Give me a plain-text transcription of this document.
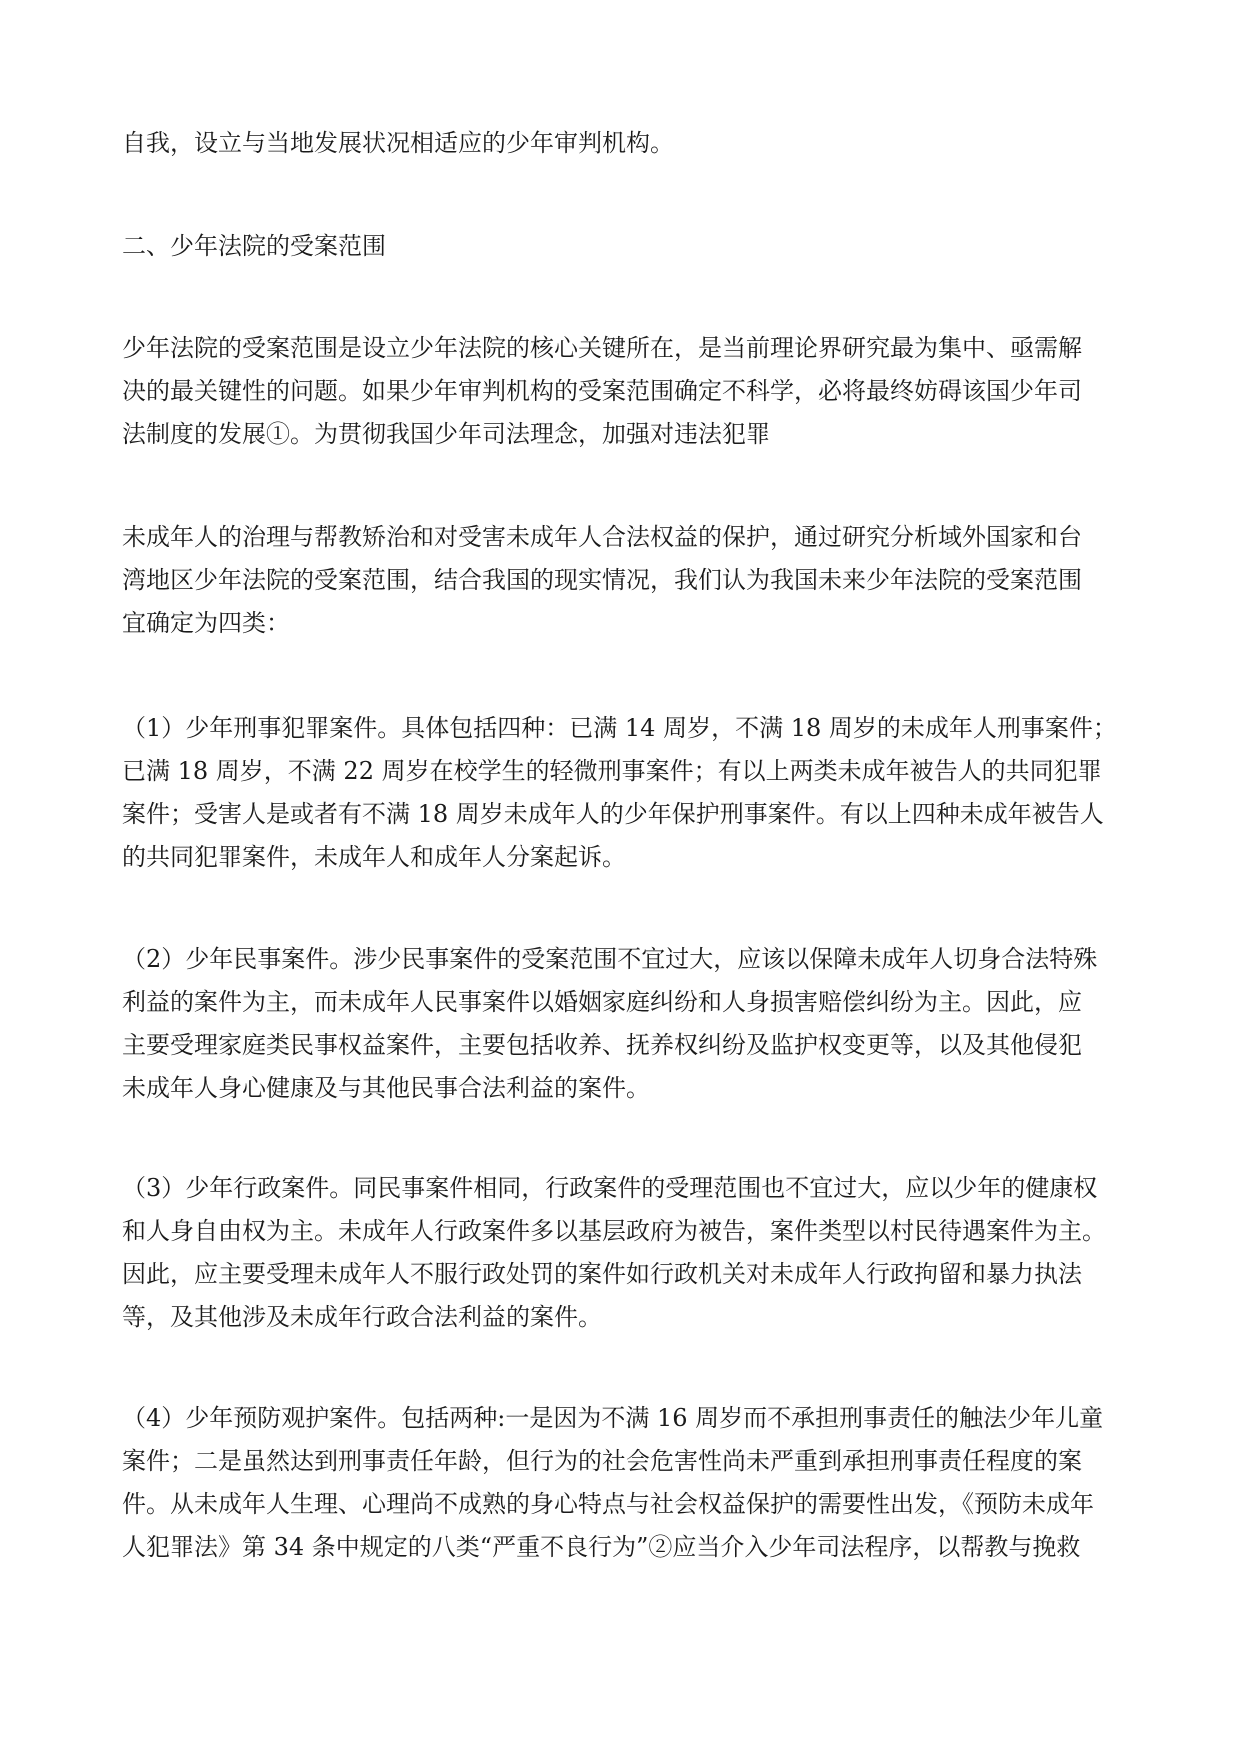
自我，设立与当地发展状况相适应的少年审判机构。

二、少年法院的受案范围

少年法院的受案范围是设立少年法院的核心关键所在，是当前理论界研究最为集中、亟需解
决的最关键性的问题。如果少年审判机构的受案范围确定不科学，必将最终妨碍该国少年司
法制度的发展①。为贯彻我国少年司法理念，加强对违法犯罪

未成年人的治理与帮教矫治和对受害未成年人合法权益的保护，通过研究分析域外国家和台
湾地区少年法院的受案范围，结合我国的现实情况，我们认为我国未来少年法院的受案范围
宜确定为四类：

（1）少年刑事犯罪案件。具体包括四种：已满 14 周岁，不满 18 周岁的未成年人刑事案件；
已满 18 周岁，不满 22 周岁在校学生的轻微刑事案件；有以上两类未成年被告人的共同犯罪
案件；受害人是或者有不满 18 周岁未成年人的少年保护刑事案件。有以上四种未成年被告人
的共同犯罪案件，未成年人和成年人分案起诉。

（2）少年民事案件。涉少民事案件的受案范围不宜过大，应该以保障未成年人切身合法特殊
利益的案件为主，而未成年人民事案件以婚姻家庭纠纷和人身损害赔偿纠纷为主。因此，应
主要受理家庭类民事权益案件，主要包括收养、抚养权纠纷及监护权变更等，以及其他侵犯
未成年人身心健康及与其他民事合法利益的案件。

（3）少年行政案件。同民事案件相同，行政案件的受理范围也不宜过大，应以少年的健康权
和人身自由权为主。未成年人行政案件多以基层政府为被告，案件类型以村民待遇案件为主。
因此，应主要受理未成年人不服行政处罚的案件如行政机关对未成年人行政拘留和暴力执法
等，及其他涉及未成年行政合法利益的案件。

（4）少年预防观护案件。包括两种:一是因为不满 16 周岁而不承担刑事责任的触法少年儿童
案件；二是虽然达到刑事责任年龄，但行为的社会危害性尚未严重到承担刑事责任程度的案
件。从未成年人生理、心理尚不成熟的身心特点与社会权益保护的需要性出发，《预防未成年
人犯罪法》第 34 条中规定的八类“严重不良行为”②应当介入少年司法程序，以帮教与挽救
